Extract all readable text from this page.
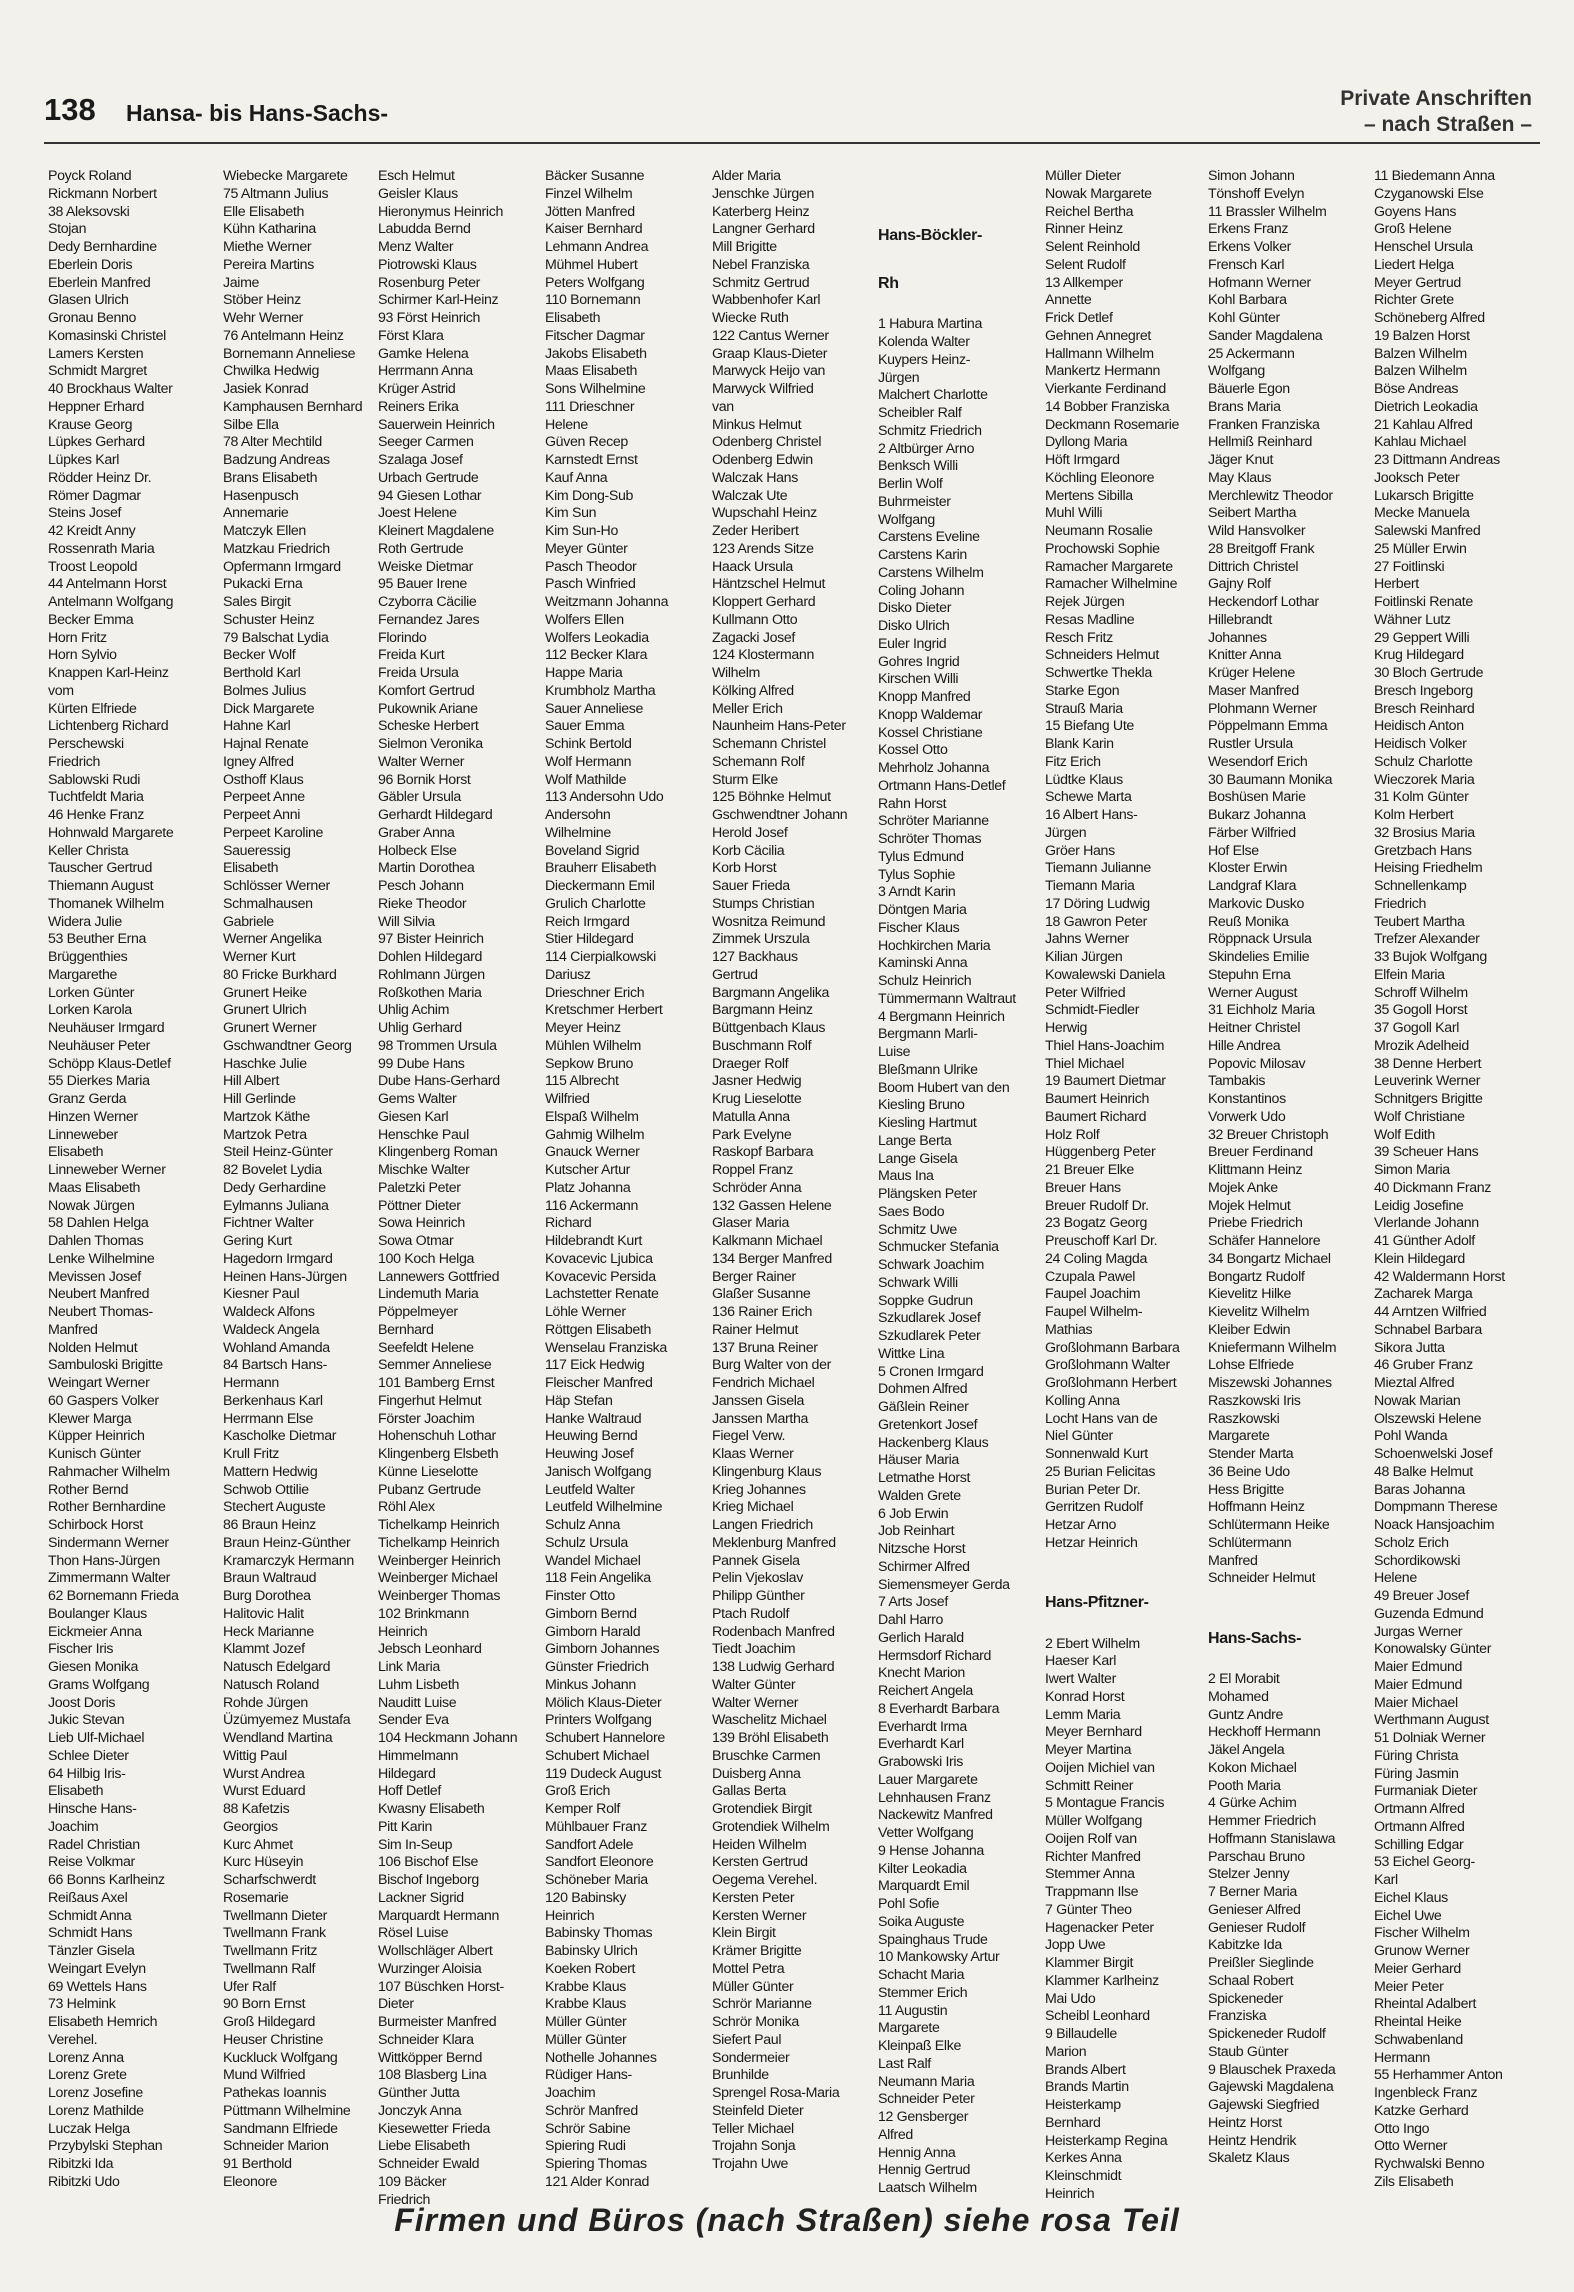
138 Hansa- bis Hans-Sachs-
Private Anschriften
– nach Straßen –
Poyck Roland
Rickmann Norbert
38 Aleksovski
Stojan
Dedy Bernhardine
Eberlein Doris
Eberlein Manfred
Glasen Ulrich
Gronau Benno
Komasinski Christel
Lamers Kersten
Schmidt Margret
40 Brockhaus Walter
Heppner Erhard
Krause Georg
Lüpkes Gerhard
Lüpkes Karl
Rödder Heinz Dr.
Römer Dagmar
Steins Josef
42 Kreidt Anny
Rossenrath Maria
Troost Leopold
44 Antelmann Horst
Antelmann Wolfgang
Becker Emma
Horn Fritz
Horn Sylvio
Knappen Karl-Heinz
vom
Kürten Elfriede
Lichtenberg Richard
Perschewski
Friedrich
Sablowski Rudi
Tuchtfeldt Maria
46 Henke Franz
Hohnwald Margarete
Keller Christa
Tauscher Gertrud
Thiemann August
Thomanek Wilhelm
Widera Julie
53 Beuther Erna
Brüggenthies
Margarethe
Lorken Günter
Lorken Karola
Neuhäuser Irmgard
Neuhäuser Peter
Schöpp Klaus-Detlef
55 Dierkes Maria
Granz Gerda
Hinzen Werner
Linneweber
Elisabeth
Linneweber Werner
Maas Elisabeth
Nowak Jürgen
58 Dahlen Helga
Dahlen Thomas
Lenke Wilhelmine
Mevissen Josef
Neubert Manfred
Neubert Thomas-
Manfred
Nolden Helmut
Sambuloski Brigitte
Weingart Werner
60 Gaspers Volker
Klewer Marga
Küpper Heinrich
Kunisch Günter
Rahmacher Wilhelm
Rother Bernd
Rother Bernhardine
Schirbock Horst
Sindermann Werner
Thon Hans-Jürgen
Zimmermann Walter
62 Bornemann Frieda
Boulanger Klaus
Eickmeier Anna
Fischer Iris
Giesen Monika
Grams Wolfgang
Joost Doris
Jukic Stevan
Lieb Ulf-Michael
Schlee Dieter
64 Hilbig Iris-
Elisabeth
Hinsche Hans-
Joachim
Radel Christian
Reise Volkmar
66 Bonns Karlheinz
Reißaus Axel
Schmidt Anna
Schmidt Hans
Tänzler Gisela
Weingart Evelyn
69 Wettels Hans
73 Helmink
Elisabeth Hemrich
Verehel.
Lorenz Anna
Lorenz Grete
Lorenz Josefine
Lorenz Mathilde
Luczak Helga
Przybylski Stephan
Ribitzki Ida
Ribitzki Udo
Wiebecke Margarete
75 Altmann Julius
Elle Elisabeth
Kühn Katharina
Miethe Werner
Pereira Martins
Jaime
Stöber Heinz
Wehr Werner
76 Antelmann Heinz
Bornemann Anneliese
Chwilka Hedwig
Jasiek Konrad
Kamphausen Bernhard
Silbe Ella
78 Alter Mechtild
Badzung Andreas
Brans Elisabeth
Hasenpusch
Annemarie
Matczyk Ellen
Matzkau Friedrich
Opfermann Irmgard
Pukacki Erna
Sales Birgit
Schuster Heinz
79 Balschat Lydia
Becker Wolf
Berthold Karl
Bolmes Julius
Dick Margarete
Hahne Karl
Hajnal Renate
Igney Alfred
Osthoff Klaus
Perpeet Anne
Perpeet Anni
Perpeet Karoline
Saueressig
Elisabeth
Schlösser Werner
Schmalhausen
Gabriele
Werner Angelika
Werner Kurt
80 Fricke Burkhard
Grunert Heike
Grunert Ulrich
Grunert Werner
Gschwandtner Georg
Haschke Julie
Hill Albert
Hill Gerlinde
Martzok Käthe
Martzok Petra
Steil Heinz-Günter
82 Bovelet Lydia
Dedy Gerhardine
Eylmanns Juliana
Fichtner Walter
Gering Kurt
Hagedorn Irmgard
Heinen Hans-Jürgen
Kiesner Paul
Waldeck Alfons
Waldeck Angela
Wohland Amanda
84 Bartsch Hans-
Hermann
Berkenhaus Karl
Herrmann Else
Kascholke Dietmar
Krull Fritz
Mattern Hedwig
Schwob Ottilie
Stechert Auguste
86 Braun Heinz
Braun Heinz-Günther
Kramarczyk Hermann
Braun Waltraud
Burg Dorothea
Halitovic Halit
Heck Marianne
Klammt Jozef
Natusch Edelgard
Natusch Roland
Rohde Jürgen
Üzümyemez Mustafa
Wendland Martina
Wittig Paul
Wurst Andrea
Wurst Eduard
88 Kafetzis
Georgios
Kurc Ahmet
Kurc Hüseyin
Scharfschwerdt
Rosemarie
Twellmann Dieter
Twellmann Frank
Twellmann Fritz
Twellmann Ralf
Ufer Ralf
90 Born Ernst
Groß Hildegard
Heuser Christine
Kuckluck Wolfgang
Mund Wilfried
Pathekas Ioannis
Püttmann Wilhelmine
Sandmann Elfriede
Schneider Marion
91 Berthold
Eleonore
Esch Helmut
Geisler Klaus
Hieronymus Heinrich
Labudda Bernd
Menz Walter
Piotrowski Klaus
Rosenburg Peter
Schirmer Karl-Heinz
93 Först Heinrich
Först Klara
Gamke Helena
Herrmann Anna
Krüger Astrid
Reiners Erika
Sauerwein Heinrich
Seeger Carmen
Szalaga Josef
Urbach Gertrude
94 Giesen Lothar
Joest Helene
Kleinert Magdalene
Roth Gertrude
Weiske Dietmar
95 Bauer Irene
Czyborra Cäcilie
Fernandez Jares
Florindo
Freida Kurt
Freida Ursula
Komfort Gertrud
Pukownik Ariane
Scheske Herbert
Sielmon Veronika
Walter Werner
96 Bornik Horst
Gäbler Ursula
Gerhardt Hildegard
Graber Anna
Holbeck Else
Martin Dorothea
Pesch Johann
Rieke Theodor
Will Silvia
97 Bister Heinrich
Dohlen Hildegard
Rohlmann Jürgen
Roßkothen Maria
Uhlig Achim
Uhlig Gerhard
98 Trommen Ursula
99 Dube Hans
Dube Hans-Gerhard
Gems Walter
Giesen Karl
Henschke Paul
Klingenberg Roman
Mischke Walter
Paletzki Peter
Pöttner Dieter
Sowa Heinrich
Sowa Otmar
100 Koch Helga
Lannewers Gottfried
Lindemuth Maria
Pöppelmeyer
Bernhard
Seefeldt Helene
Semmer Anneliese
101 Bamberg Ernst
Fingerhut Helmut
Förster Joachim
Hohenschuh Lothar
Klingenberg Elsbeth
Künne Lieselotte
Pubanz Gertrude
Röhl Alex
Tichelkamp Heinrich
Tichelkamp Heinrich
Weinberger Heinrich
Weinberger Michael
Weinberger Thomas
102 Brinkmann
Heinrich
Jebsch Leonhard
Link Maria
Luhm Lisbeth
Nauditt Luise
Sender Eva
104 Heckmann Johann
Himmelmann
Hildegard
Hoff Detlef
Kwasny Elisabeth
Pitt Karin
Sim In-Seup
106 Bischof Else
Bischof Ingeborg
Lackner Sigrid
Marquardt Hermann
Rösel Luise
Wollschläger Albert
Wurzinger Aloisia
107 Büschken Horst-
Dieter
Burmeister Manfred
Schneider Klara
Wittköpper Bernd
108 Blasberg Lina
Günther Jutta
Jonczyk Anna
Kiesewetter Frieda
Liebe Elisabeth
Schneider Ewald
109 Bäcker
Friedrich
Bäcker Susanne
Finzel Wilhelm
Jötten Manfred
Kaiser Bernhard
Lehmann Andrea
Mühmel Hubert
Peters Wolfgang
110 Bornemann
Elisabeth
Fitscher Dagmar
Jakobs Elisabeth
Maas Elisabeth
Sons Wilhelmine
111 Drieschner
Helene
Güven Recep
Karnstedt Ernst
Kauf Anna
Kim Dong-Sub
Kim Sun
Kim Sun-Ho
Meyer Günter
Pasch Theodor
Pasch Winfried
Weitzmann Johanna
Wolfers Ellen
Wolfers Leokadia
112 Becker Klara
Happe Maria
Krumbholz Martha
Sauer Anneliese
Sauer Emma
Schink Bertold
Wolf Hermann
Wolf Mathilde
113 Andersohn Udo
Andersohn
Wilhelmine
Boveland Sigrid
Brauherr Elisabeth
Dieckermann Emil
Grulich Charlotte
Reich Irmgard
Stier Hildegard
114 Cierpialkowski
Dariusz
Drieschner Erich
Kretschmer Herbert
Meyer Heinz
Mühlen Wilhelm
Sepkow Bruno
115 Albrecht
Wilfried
Elspaß Wilhelm
Gahmig Wilhelm
Gnauck Werner
Kutscher Artur
Platz Johanna
116 Ackermann
Richard
Hildebrandt Kurt
Kovacevic Ljubica
Kovacevic Persida
Lachstetter Renate
Löhle Werner
Röttgen Elisabeth
Wenselau Franziska
117 Eick Hedwig
Fleischer Manfred
Häp Stefan
Hanke Waltraud
Heuwing Bernd
Heuwing Josef
Janisch Wolfgang
Leutfeld Walter
Leutfeld Wilhelmine
Schulz Anna
Schulz Ursula
Wandel Michael
118 Fein Angelika
Finster Otto
Gimborn Bernd
Gimborn Harald
Gimborn Johannes
Günster Friedrich
Minkus Johann
Mölich Klaus-Dieter
Printers Wolfgang
Schubert Hannelore
Schubert Michael
119 Dudeck August
Groß Erich
Kemper Rolf
Mühlbauer Franz
Sandfort Adele
Sandfort Eleonore
Schöneber Maria
120 Babinsky
Heinrich
Babinsky Thomas
Babinsky Ulrich
Koeken Robert
Krabbe Klaus
Krabbe Klaus
Müller Günter
Müller Günter
Nothelle Johannes
Rüdiger Hans-
Joachim
Schrör Manfred
Schrör Sabine
Spiering Rudi
Spiering Thomas
121 Alder Konrad
Alder Maria
Jenschke Jürgen
Katerberg Heinz
Langner Gerhard
Mill Brigitte
Nebel Franziska
Schmitz Gertrud
Wabbenhofer Karl
Wiecke Ruth
122 Cantus Werner
Graap Klaus-Dieter
Marwyck Heijo van
Marwyck Wilfried
van
Minkus Helmut
Odenberg Christel
Odenberg Edwin
Walczak Hans
Walczak Ute
Wupschahl Heinz
Zeder Heribert
123 Arends Sitze
Haack Ursula
Häntzschel Helmut
Kloppert Gerhard
Kullmann Otto
Zagacki Josef
124 Klostermann
Wilhelm
Kölking Alfred
Meller Erich
Naunheim Hans-Peter
Schemann Christel
Schemann Rolf
Sturm Elke
125 Böhnke Helmut
Gschwendtner Johann
Herold Josef
Korb Cäcilia
Korb Horst
Sauer Frieda
Stumps Christian
Wosnitza Reimund
Zimmek Urszula
127 Backhaus
Gertrud
Bargmann Angelika
Bargmann Heinz
Büttgenbach Klaus
Buschmann Rolf
Draeger Rolf
Jasner Hedwig
Krug Lieselotte
Matulla Anna
Park Evelyne
Raskopf Barbara
Roppel Franz
Schröder Anna
132 Gassen Helene
Glaser Maria
Kalkmann Michael
134 Berger Manfred
Berger Rainer
Glaßer Susanne
136 Rainer Erich
Rainer Helmut
137 Bruna Reiner
Burg Walter von der
Fendrich Michael
Janssen Gisela
Janssen Martha
Fiegel Verw.
Klaas Werner
Klingenburg Klaus
Krieg Johannes
Krieg Michael
Langen Friedrich
Meklenburg Manfred
Pannek Gisela
Pelin Vjekoslav
Philipp Günther
Ptach Rudolf
Rodenbach Manfred
Tiedt Joachim
138 Ludwig Gerhard
Walter Günter
Walter Werner
Waschelitz Michael
139 Bröhl Elisabeth
Bruschke Carmen
Duisberg Anna
Gallas Berta
Grotendiek Birgit
Grotendiek Wilhelm
Heiden Wilhelm
Kersten Gertrud
Oegema Verehel.
Kersten Peter
Kersten Werner
Klein Birgit
Krämer Brigitte
Mottel Petra
Müller Günter
Schrör Marianne
Schrör Monika
Siefert Paul
Sondermeier
Brunhilde
Sprengel Rosa-Maria
Steinfeld Dieter
Teller Michael
Trojahn Sonja
Trojahn Uwe

Hans-Böckler-

Rh

1 Habura Martina
Kolenda Walter
Kuypers Heinz-
Jürgen
Malchert Charlotte
Scheibler Ralf
Schmitz Friedrich
2 Altbürger Arno
Benksch Willi
Berlin Wolf
Buhrmeister
Wolfgang
Carstens Eveline
Carstens Karin
Carstens Wilhelm
Coling Johann
Disko Dieter
Disko Ulrich
Euler Ingrid
Gohres Ingrid
Kirschen Willi
Knopp Manfred
Knopp Waldemar
Kossel Christiane
Kossel Otto
Mehrholz Johanna
Ortmann Hans-Detlef
Rahn Horst
Schröter Marianne
Schröter Thomas
Tylus Edmund
Tylus Sophie
3 Arndt Karin
Döntgen Maria
Fischer Klaus
Hochkirchen Maria
Kaminski Anna
Schulz Heinrich
Tümmermann Waltraut
4 Bergmann Heinrich
Bergmann Marli-
Luise
Bleßmann Ulrike
Boom Hubert van den
Kiesling Bruno
Kiesling Hartmut
Lange Berta
Lange Gisela
Maus Ina
Plängsken Peter
Saes Bodo
Schmitz Uwe
Schmucker Stefania
Schwark Joachim
Schwark Willi
Soppke Gudrun
Szkudlarek Josef
Szkudlarek Peter
Wittke Lina
5 Cronen Irmgard
Dohmen Alfred
Gäßlein Reiner
Gretenkort Josef
Hackenberg Klaus
Häuser Maria
Letmathe Horst
Walden Grete
6 Job Erwin
Job Reinhart
Nitzsche Horst
Schirmer Alfred
Siemensmeyer Gerda
7 Arts Josef
Dahl Harro
Gerlich Harald
Hermsdorf Richard
Knecht Marion
Reichert Angela
8 Everhardt Barbara
Everhardt Irma
Everhardt Karl
Grabowski Iris
Lauer Margarete
Lehnhausen Franz
Nackewitz Manfred
Vetter Wolfgang
9 Hense Johanna
Kilter Leokadia
Marquardt Emil
Pohl Sofie
Soika Auguste
Spainghaus Trude
10 Mankowsky Artur
Schacht Maria
Stemmer Erich
11 Augustin
Margarete
Kleinpaß Elke
Last Ralf
Neumann Maria
Schneider Peter
12 Gensberger
Alfred
Hennig Anna
Hennig Gertrud
Laatsch Wilhelm
Müller Dieter
Nowak Margarete
Reichel Bertha
Rinner Heinz
Selent Reinhold
Selent Rudolf
13 Allkemper
Annette
Frick Detlef
Gehnen Annegret
Hallmann Wilhelm
Mankertz Hermann
Vierkante Ferdinand
14 Bobber Franziska
Deckmann Rosemarie
Dyllong Maria
Höft Irmgard
Köchling Eleonore
Mertens Sibilla
Muhl Willi
Neumann Rosalie
Prochowski Sophie
Ramacher Margarete
Ramacher Wilhelmine
Rejek Jürgen
Resas Madline
Resch Fritz
Schneiders Helmut
Schwertke Thekla
Starke Egon
Strauß Maria
15 Biefang Ute
Blank Karin
Fitz Erich
Lüdtke Klaus
Schewe Marta
16 Albert Hans-
Jürgen
Gröer Hans
Tiemann Julianne
Tiemann Maria
17 Döring Ludwig
18 Gawron Peter
Jahns Werner
Kilian Jürgen
Kowalewski Daniela
Peter Wilfried
Schmidt-Fiedler
Herwig
Thiel Hans-Joachim
Thiel Michael
19 Baumert Dietmar
Baumert Heinrich
Baumert Richard
Holz Rolf
Hüggenberg Peter
21 Breuer Elke
Breuer Hans
Breuer Rudolf Dr.
23 Bogatz Georg
Preuschoff Karl Dr.
24 Coling Magda
Czupala Pawel
Faupel Joachim
Faupel Wilhelm-
Mathias
Großlohmann Barbara
Großlohmann Walter
Großlohmann Herbert
Kolling Anna
Locht Hans van de
Niel Günter
Sonnenwald Kurt
25 Burian Felicitas
Burian Peter Dr.
Gerritzen Rudolf
Hetzar Arno
Hetzar Heinrich

Hans-Pfitzner-

2 Ebert Wilhelm
Haeser Karl
Iwert Walter
Konrad Horst
Lemm Maria
Meyer Bernhard
Meyer Martina
Ooijen Michiel van
Schmitt Reiner
5 Montague Francis
Müller Wolfgang
Ooijen Rolf van
Richter Manfred
Stemmer Anna
Trappmann Ilse
7 Günter Theo
Hagenacker Peter
Jopp Uwe
Klammer Birgit
Klammer Karlheinz
Mai Udo
Scheibl Leonhard
9 Billaudelle
Marion
Brands Albert
Brands Martin
Heisterkamp
Bernhard
Heisterkamp Regina
Kerkes Anna
Kleinschmidt
Heinrich
Simon Johann
Tönshoff Evelyn
11 Brassler Wilhelm
Erkens Franz
Erkens Volker
Frensch Karl
Hofmann Werner
Kohl Barbara
Kohl Günter
Sander Magdalena
25 Ackermann
Wolfgang
Bäuerle Egon
Brans Maria
Franken Franziska
Hellmiß Reinhard
Jäger Knut
May Klaus
Merchlewitz Theodor
Seibert Martha
Wild Hansvolker
28 Breitgoff Frank
Dittrich Christel
Gajny Rolf
Heckendorf Lothar
Hillebrandt
Johannes
Knitter Anna
Krüger Helene
Maser Manfred
Plohmann Werner
Pöppelmann Emma
Rustler Ursula
Wesendorf Erich
30 Baumann Monika
Boshüsen Marie
Bukarz Johanna
Färber Wilfried
Hof Else
Kloster Erwin
Landgraf Klara
Markovic Dusko
Reuß Monika
Röppnack Ursula
Skindelies Emilie
Stepuhn Erna
Werner August
31 Eichholz Maria
Heitner Christel
Hille Andrea
Popovic Milosav
Tambakis
Konstantinos
Vorwerk Udo
32 Breuer Christoph
Breuer Ferdinand
Klittmann Heinz
Mojek Anke
Mojek Helmut
Priebe Friedrich
Schäfer Hannelore
34 Bongartz Michael
Bongartz Rudolf
Kievelitz Hilke
Kievelitz Wilhelm
Kleiber Edwin
Kniefermann Wilhelm
Lohse Elfriede
Miszewski Johannes
Raszkowski Iris
Raszkowski
Margarete
Stender Marta
36 Beine Udo
Hess Brigitte
Hoffmann Heinz
Schlütermann Heike
Schlütermann
Manfred
Schneider Helmut

Hans-Sachs-

2 El Morabit
Mohamed
Guntz Andre
Heckhoff Hermann
Jäkel Angela
Kokon Michael
Pooth Maria
4 Gürke Achim
Hemmer Friedrich
Hoffmann Stanislawa
Parschau Bruno
Stelzer Jenny
7 Berner Maria
Genieser Alfred
Genieser Rudolf
Kabitzke Ida
Preißler Sieglinde
Schaal Robert
Spickeneder
Franziska
Spickeneder Rudolf
Staub Günter
9 Blauschek Praxeda
Gajewski Magdalena
Gajewski Siegfried
Heintz Horst
Heintz Hendrik
Skaletz Klaus
11 Biedemann Anna
Czyganowski Else
Goyens Hans
Groß Helene
Henschel Ursula
Liedert Helga
Meyer Gertrud
Richter Grete
Schöneberg Alfred
19 Balzen Horst
Balzen Wilhelm
Balzen Wilhelm
Böse Andreas
Dietrich Leokadia
21 Kahlau Alfred
Kahlau Michael
23 Dittmann Andreas
Jooksch Peter
Lukarsch Brigitte
Mecke Manuela
Salewski Manfred
25 Müller Erwin
27 Foitlinski
Herbert
Foitlinski Renate
Wähner Lutz
29 Geppert Willi
Krug Hildegard
30 Bloch Gertrude
Bresch Ingeborg
Bresch Reinhard
Heidisch Anton
Heidisch Volker
Schulz Charlotte
Wieczorek Maria
31 Kolm Günter
Kolm Herbert
32 Brosius Maria
Gretzbach Hans
Heising Friedhelm
Schnellenkamp
Friedrich
Teubert Martha
Trefzer Alexander
33 Bujok Wolfgang
Elfein Maria
Schroff Wilhelm
35 Gogoll Horst
37 Gogoll Karl
Mrozik Adelheid
38 Denne Herbert
Leuverink Werner
Schnitgers Brigitte
Wolf Christiane
Wolf Edith
39 Scheuer Hans
Simon Maria
40 Dickmann Franz
Leidig Josefine
Vlerlande Johann
41 Günther Adolf
Klein Hildegard
42 Waldermann Horst
Zacharek Marga
44 Arntzen Wilfried
Schnabel Barbara
Sikora Jutta
46 Gruber Franz
Mieztal Alfred
Nowak Marian
Olszewski Helene
Pohl Wanda
Schoenwelski Josef
48 Balke Helmut
Baras Johanna
Dompmann Therese
Noack Hansjoachim
Scholz Erich
Schordikowski
Helene
49 Breuer Josef
Guzenda Edmund
Jurgas Werner
Konowalsky Günter
Maier Edmund
Maier Edmund
Maier Michael
Werthmann August
51 Dolniak Werner
Füring Christa
Füring Jasmin
Furmaniak Dieter
Ortmann Alfred
Ortmann Alfred
Schilling Edgar
53 Eichel Georg-
Karl
Eichel Klaus
Eichel Uwe
Fischer Wilhelm
Grunow Werner
Meier Gerhard
Meier Peter
Rheintal Adalbert
Rheintal Heike
Schwabenland
Hermann
55 Herhammer Anton
Ingenbleck Franz
Katzke Gerhard
Otto Ingo
Otto Werner
Rychwalski Benno
Zils Elisabeth
Firmen und Büros (nach Straßen) siehe rosa Teil
